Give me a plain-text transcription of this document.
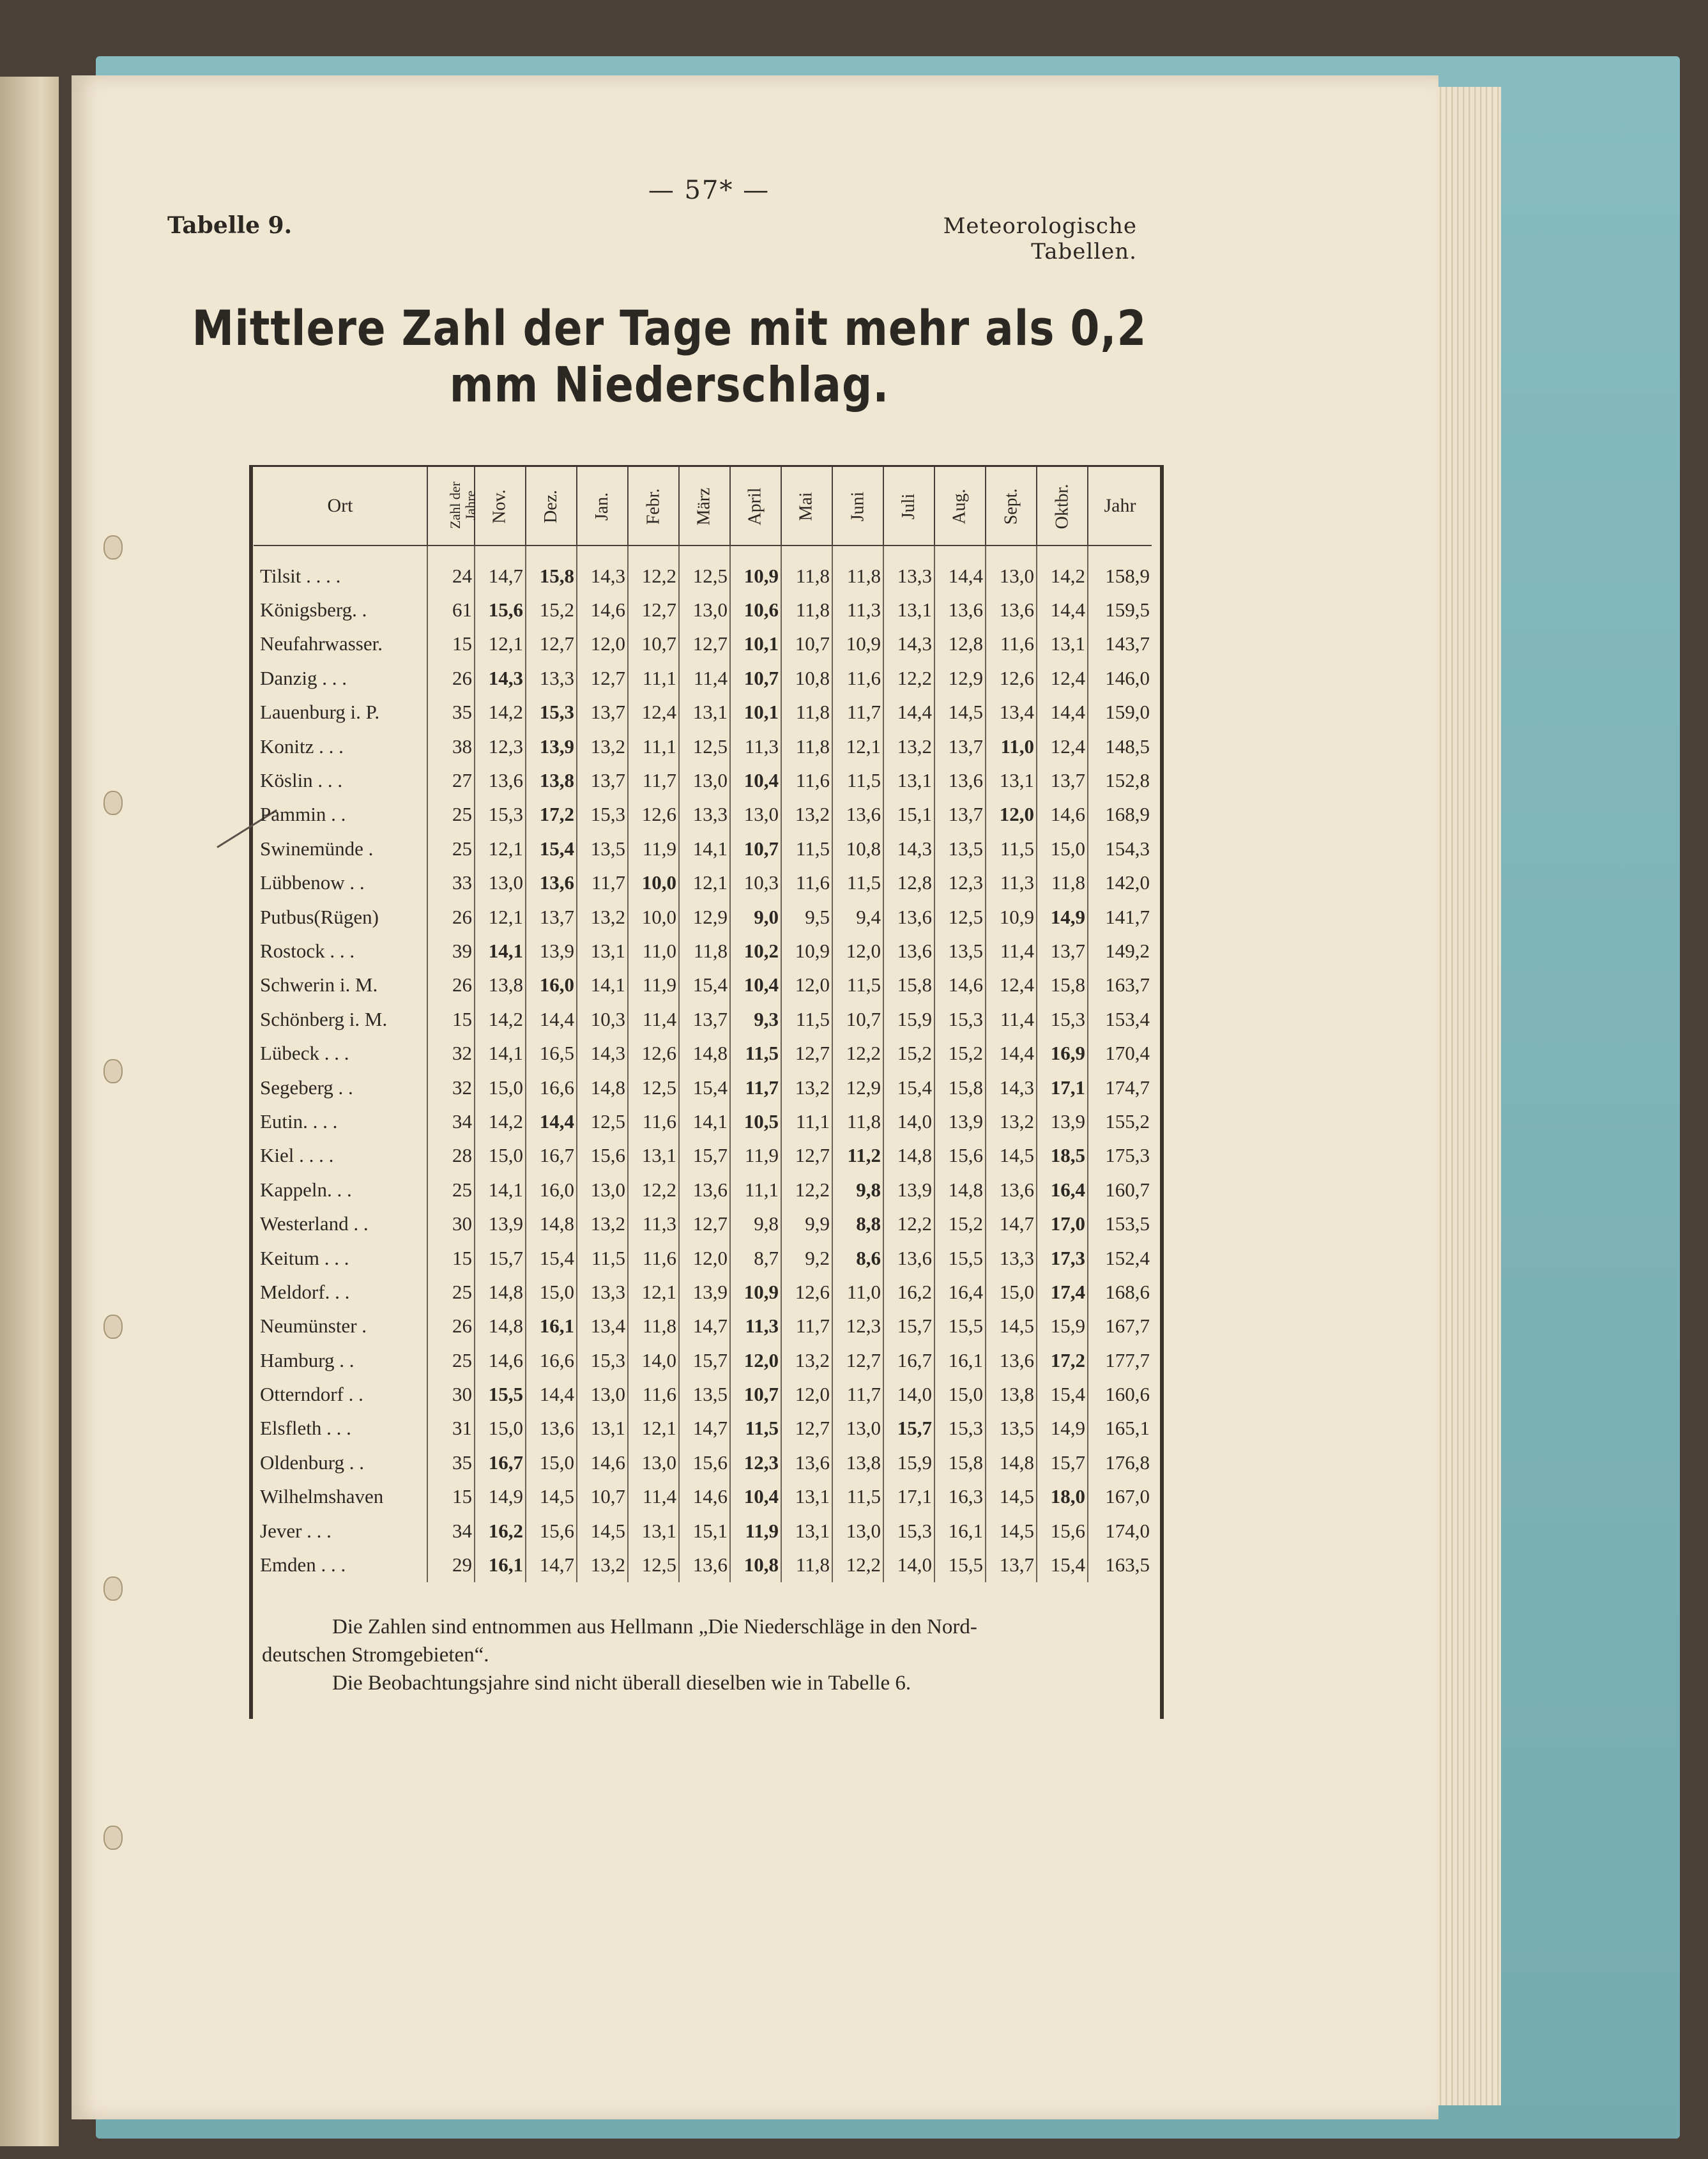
— 57* —
Tabelle 9.	Meteorologische Tabellen.
Mittlere Zahl der Tage mit mehr als 0,2 mm Niederschlag.
Ort	Zahl der Jahre	Nov.	Dez.	Jan.	Febr.	März	April	Mai	Juni	Juli	Aug.	Sept.	Oktbr.	Jahr
Tilsit . . . .	24	14,7	15,8	14,3	12,2	12,5	10,9	11,8	11,8	13,3	14,4	13,0	14,2	158,9
Königsberg. .	61	15,6	15,2	14,6	12,7	13,0	10,6	11,8	11,3	13,1	13,6	13,6	14,4	159,5
Neufahrwasser.	15	12,1	12,7	12,0	10,7	12,7	10,1	10,7	10,9	14,3	12,8	11,6	13,1	143,7
Danzig . . .	26	14,3	13,3	12,7	11,1	11,4	10,7	10,8	11,6	12,2	12,9	12,6	12,4	146,0
Lauenburg i. P.	35	14,2	15,3	13,7	12,4	13,1	10,1	11,8	11,7	14,4	14,5	13,4	14,4	159,0
Konitz . . .	38	12,3	13,9	13,2	11,1	12,5	11,3	11,8	12,1	13,2	13,7	11,0	12,4	148,5
Köslin . . .	27	13,6	13,8	13,7	11,7	13,0	10,4	11,6	11,5	13,1	13,6	13,1	13,7	152,8
Pammin . .	25	15,3	17,2	15,3	12,6	13,3	13,0	13,2	13,6	15,1	13,7	12,0	14,6	168,9
Swinemünde .	25	12,1	15,4	13,5	11,9	14,1	10,7	11,5	10,8	14,3	13,5	11,5	15,0	154,3
Lübbenow . .	33	13,0	13,6	11,7	10,0	12,1	10,3	11,6	11,5	12,8	12,3	11,3	11,8	142,0
Putbus(Rügen)	26	12,1	13,7	13,2	10,0	12,9	9,0	9,5	9,4	13,6	12,5	10,9	14,9	141,7
Rostock . . .	39	14,1	13,9	13,1	11,0	11,8	10,2	10,9	12,0	13,6	13,5	11,4	13,7	149,2
Schwerin i. M.	26	13,8	16,0	14,1	11,9	15,4	10,4	12,0	11,5	15,8	14,6	12,4	15,8	163,7
Schönberg i. M.	15	14,2	14,4	10,3	11,4	13,7	9,3	11,5	10,7	15,9	15,3	11,4	15,3	153,4
Lübeck . . .	32	14,1	16,5	14,3	12,6	14,8	11,5	12,7	12,2	15,2	15,2	14,4	16,9	170,4
Segeberg . .	32	15,0	16,6	14,8	12,5	15,4	11,7	13,2	12,9	15,4	15,8	14,3	17,1	174,7
Eutin. . . .	34	14,2	14,4	12,5	11,6	14,1	10,5	11,1	11,8	14,0	13,9	13,2	13,9	155,2
Kiel . . . .	28	15,0	16,7	15,6	13,1	15,7	11,9	12,7	11,2	14,8	15,6	14,5	18,5	175,3
Kappeln. . .	25	14,1	16,0	13,0	12,2	13,6	11,1	12,2	9,8	13,9	14,8	13,6	16,4	160,7
Westerland . .	30	13,9	14,8	13,2	11,3	12,7	9,8	9,9	8,8	12,2	15,2	14,7	17,0	153,5
Keitum . . .	15	15,7	15,4	11,5	11,6	12,0	8,7	9,2	8,6	13,6	15,5	13,3	17,3	152,4
Meldorf. . .	25	14,8	15,0	13,3	12,1	13,9	10,9	12,6	11,0	16,2	16,4	15,0	17,4	168,6
Neumünster .	26	14,8	16,1	13,4	11,8	14,7	11,3	11,7	12,3	15,7	15,5	14,5	15,9	167,7
Hamburg . .	25	14,6	16,6	15,3	14,0	15,7	12,0	13,2	12,7	16,7	16,1	13,6	17,2	177,7
Otterndorf . .	30	15,5	14,4	13,0	11,6	13,5	10,7	12,0	11,7	14,0	15,0	13,8	15,4	160,6
Elsfleth . . .	31	15,0	13,6	13,1	12,1	14,7	11,5	12,7	13,0	15,7	15,3	13,5	14,9	165,1
Oldenburg . .	35	16,7	15,0	14,6	13,0	15,6	12,3	13,6	13,8	15,9	15,8	14,8	15,7	176,8
Wilhelmshaven	15	14,9	14,5	10,7	11,4	14,6	10,4	13,1	11,5	17,1	16,3	14,5	18,0	167,0
Jever . . .	34	16,2	15,6	14,5	13,1	15,1	11,9	13,1	13,0	15,3	16,1	14,5	15,6	174,0
Emden . . .	29	16,1	14,7	13,2	12,5	13,6	10,8	11,8	12,2	14,0	15,5	13,7	15,4	163,5

Die Zahlen sind entnommen aus Hellmann „Die Niederschläge in den Nord-

deutschen Stromgebieten“.

Die Beobachtungsjahre sind nicht überall dieselben wie in Tabelle 6.
